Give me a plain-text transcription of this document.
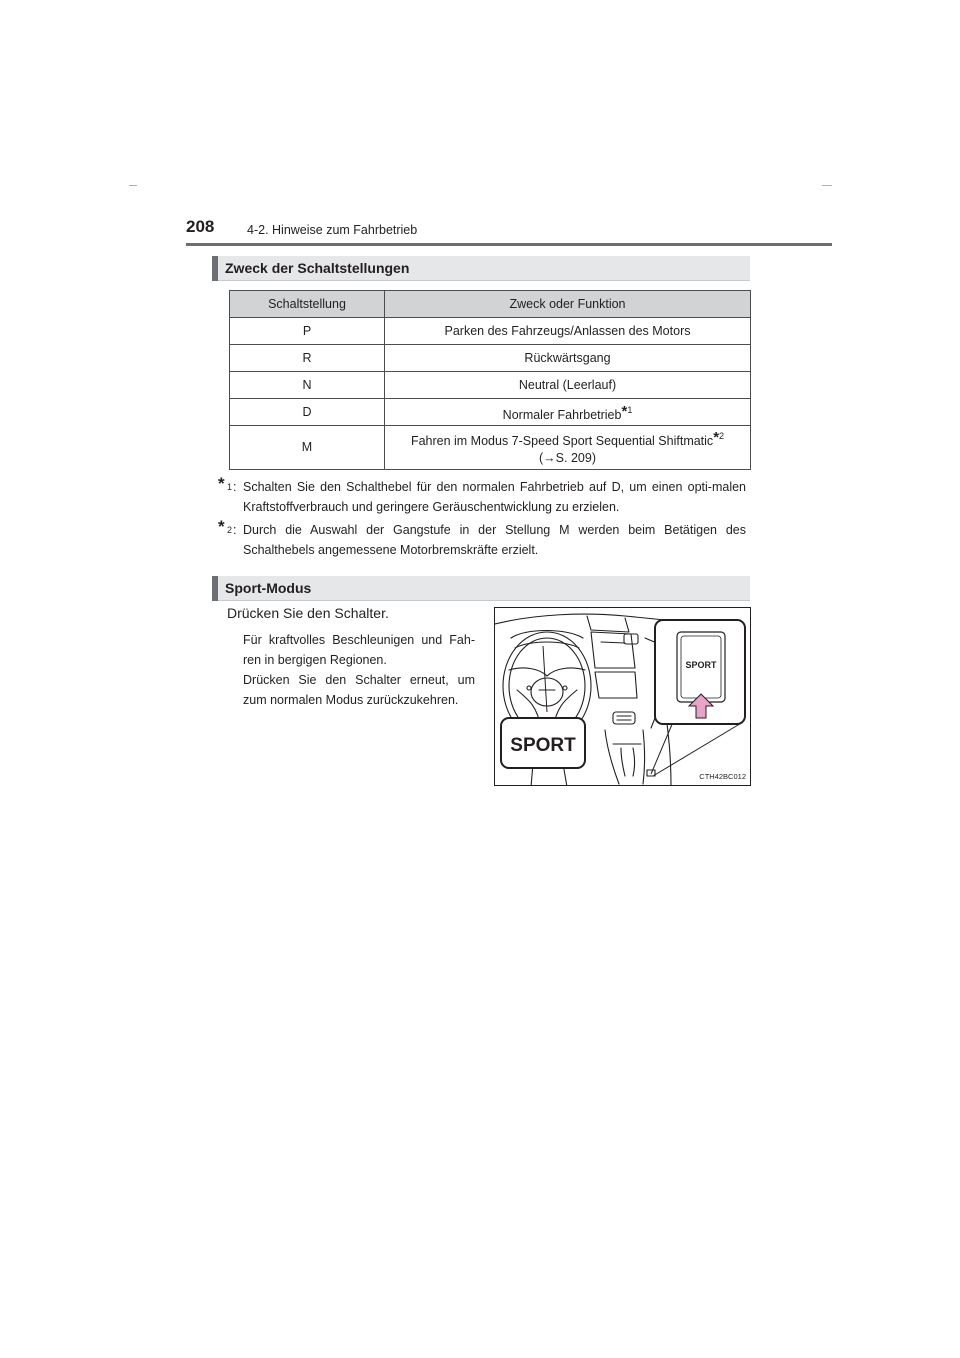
208	4-2. Hinweise zum Fahrbetrieb
Zweck der Schaltstellungen
Schaltstellung	Zweck oder Funktion
P	Parken des Fahrzeugs/Anlassen des Motors
R	Rückwärtsgang
N	Neutral (Leerlauf)
D	Normaler Fahrbetrieb$^{*1}$
M	Fahren im Modus 7-Speed Sport Sequential Shiftmatic$^{*2}$
(→S. 209)
* 1 : Schalten Sie den Schalthebel für den normalen Fahrbetrieb auf D, um einen opti-malen Kraftstoffverbrauch und geringere Geräuschentwicklung zu erzielen.
* 2 : Durch die Auswahl der Gangstufe in der Stellung M werden beim Betätigen des Schalthebels angemessene Motorbremskräfte erzielt.
Sport-Modus
Drücken Sie den Schalter.
Für kraftvolles Beschleunigen und Fah-ren in bergigen Regionen.
Drücken Sie den Schalter erneut, um zum normalen Modus zurückzukehren.
SPORT
SPORT
CTH42BC012
